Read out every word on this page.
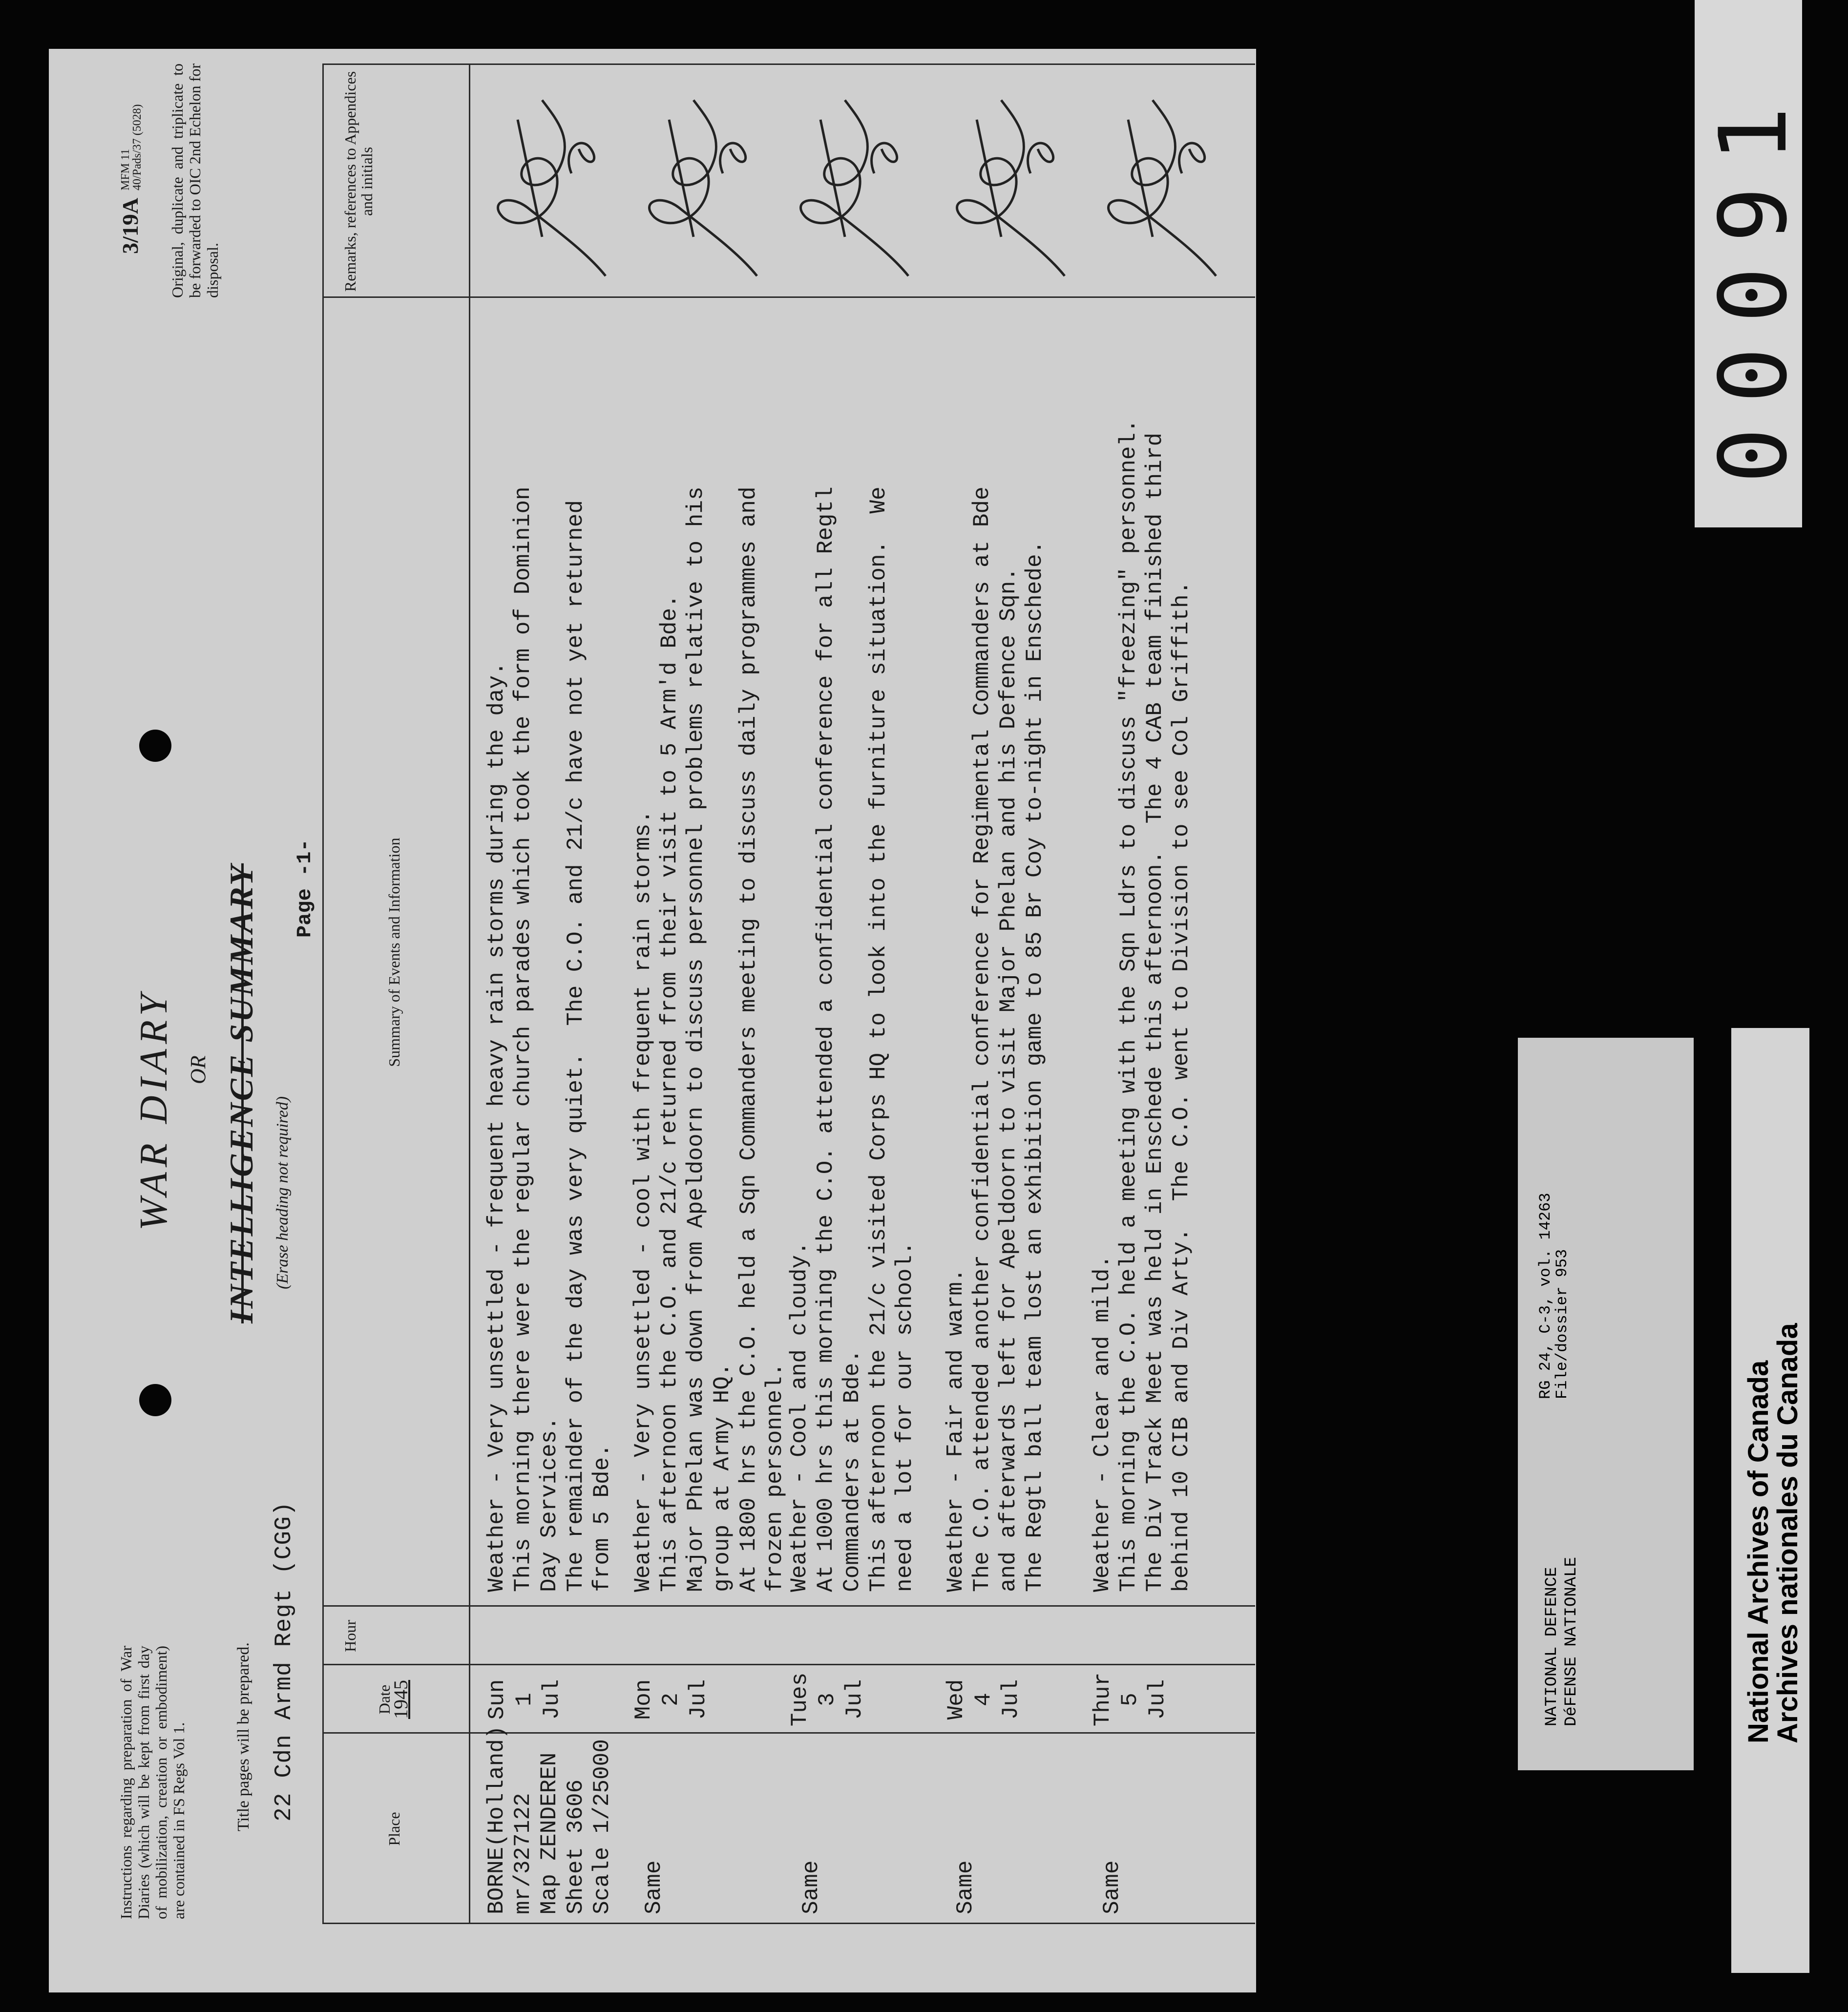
Instructions regarding preparation of War Diaries (which will be kept from first day of mobilization, creation or embodiment) are contained in FS Regs Vol 1.	Title pages will be prepared. 22 Cdn Armd Regt (CGG)
3/19A
MFM 11
40/Pads/37 (5028) Original, duplicate and triplicate to be forwarded to OIC 2nd Echelon for disposal.
WAR DIARY OR INTELLIGENCE SUMMARY (Erase heading not required)
Page -1-
Place
Date
1945
Hour
Summary of Events and Information
Remarks, references to Appendices and initials
BORNE(Holland)
mr/327122
Map ZENDEREN
Sheet 3606
Scale 1/25000
Sun 1 Jul
Weather - Very unsettled - frequent heavy rain storms during the day.
This morning there were the regular church parades which took the form of Dominion
Day Services.
The remainder of the day was very quiet.  The C.O. and 21/c have not yet returned
from 5 Bde.
Same
Mon 2 Jul
Weather - Very unsettled - cool with frequent rain storms.
This afternoon the C.O. and 21/c returned from their visit to 5 Arm'd Bde.
Major Phelan was down from Apeldoorn to discuss personnel problems relative to his
group at Army HQ.
At 1800 hrs the C.O. held a Sqn Commanders meeting to discuss daily programmes and
frozen personnel.
Same
Tues 3 Jul
Weather - Cool and cloudy.
At 1000 hrs this morning the C.O. attended a confidential conference for all Regtl
Commanders at Bde.
This afternoon the 21/c visited Corps HQ to look into the furniture situation.  We
need a lot for our school.
Same
Wed 4 Jul
Weather - Fair and warm.
The C.O. attended another confidential conference for Regimental Commanders at Bde
and afterwards left for Apeldoorn to visit Major Phelan and his Defence Sqn.
The Regtl ball team lost an exhibition game to 85 Br Coy to-night in Enschede.
Same
Thur 5 Jul
Weather - Clear and mild.
This morning the C.O. held a meeting with the Sqn Ldrs to discuss "freezing" personnel.
The Div Track Meet was held in Enschede this afternoon.  The 4 CAB team finished third
behind 10 CIB and Div Arty.  The C.O. went to Division to see Col Griffith.
00091
NATIONAL DEFENCE DéFENSE NATIONALE
RG 24, C-3, vol. 14263
File/dossier 953
National Archives of Canada
Archives nationales du Canada
